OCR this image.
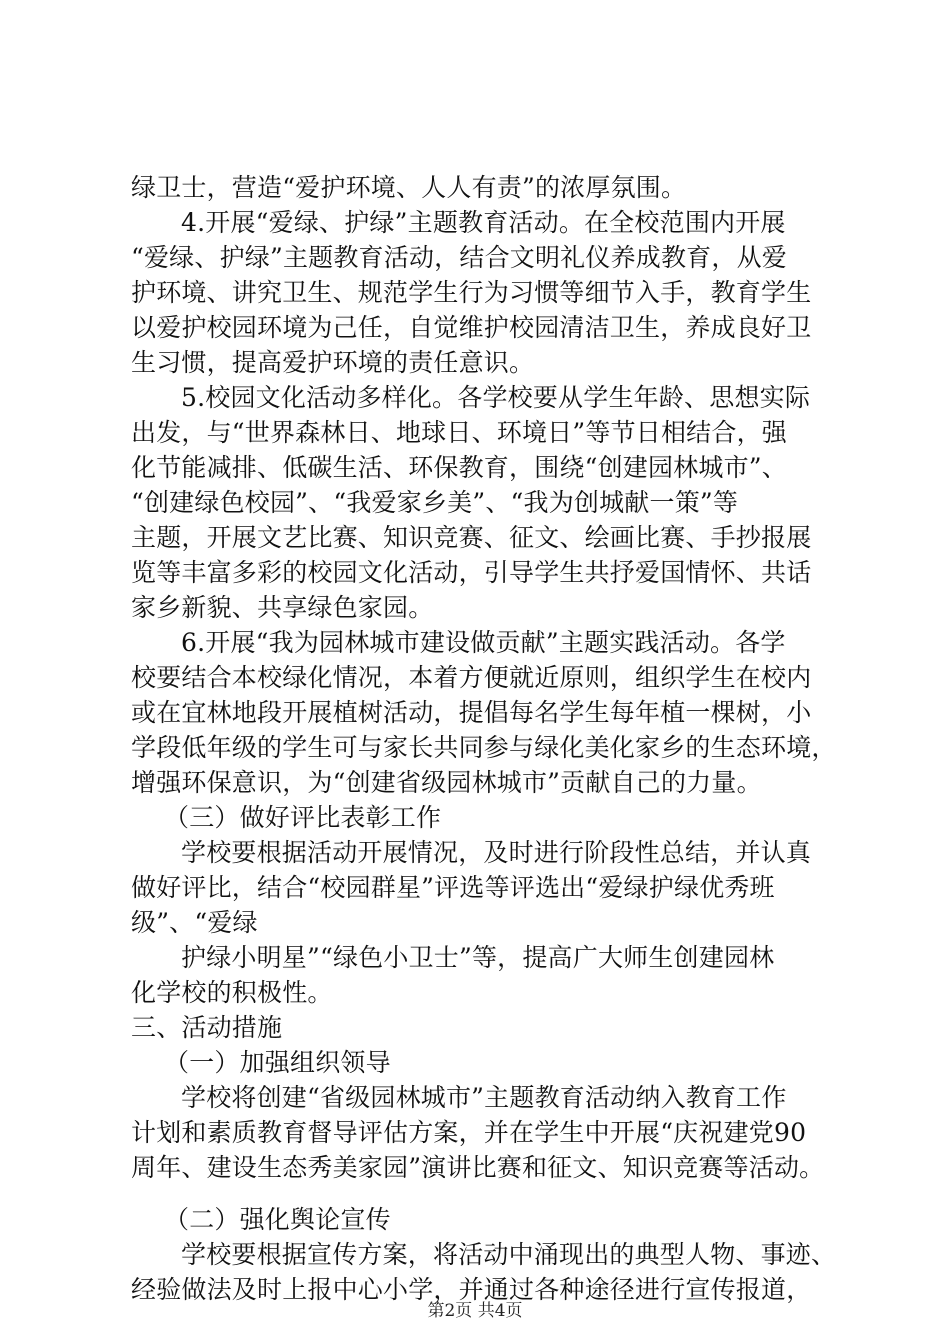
绿卫士，营造“爱护环境、人人有责”的浓厚氛围。
4.开展“爱绿、护绿”主题教育活动。在全校范围内开展
“爱绿、护绿”主题教育活动，结合文明礼仪养成教育，从爱
护环境、讲究卫生、规范学生行为习惯等细节入手，教育学生
以爱护校园环境为己任，自觉维护校园清洁卫生，养成良好卫
生习惯，提高爱护环境的责任意识。
5.校园文化活动多样化。各学校要从学生年龄、思想实际
出发，与“世界森林日、地球日、环境日”等节日相结合，强
化节能减排、低碳生活、环保教育，围绕“创建园林城市”、
“创建绿色校园”、“我爱家乡美”、“我为创城献一策”等
主题，开展文艺比赛、知识竞赛、征文、绘画比赛、手抄报展
览等丰富多彩的校园文化活动，引导学生共抒爱国情怀、共话
家乡新貌、共享绿色家园。
6.开展“我为园林城市建设做贡献”主题实践活动。各学
校要结合本校绿化情况，本着方便就近原则，组织学生在校内
或在宜林地段开展植树活动，提倡每名学生每年植一棵树，小
学段低年级的学生可与家长共同参与绿化美化家乡的生态环境，
增强环保意识，为“创建省级园林城市”贡献自己的力量。
（三）做好评比表彰工作
学校要根据活动开展情况，及时进行阶段性总结，并认真
做好评比，结合“校园群星”评选等评选出“爱绿护绿优秀班
级”、“爱绿
护绿小明星”“绿色小卫士”等，提高广大师生创建园林
化学校的积极性。
三、活动措施
（一）加强组织领导
学校将创建“省级园林城市”主题教育活动纳入教育工作
计划和素质教育督导评估方案，并在学生中开展“庆祝建党90
周年、建设生态秀美家园”演讲比赛和征文、知识竞赛等活动。
（二）强化舆论宣传
学校要根据宣传方案，将活动中涌现出的典型人物、事迹、
经验做法及时上报中心小学，并通过各种途径进行宣传报道，
第2页 共4页
